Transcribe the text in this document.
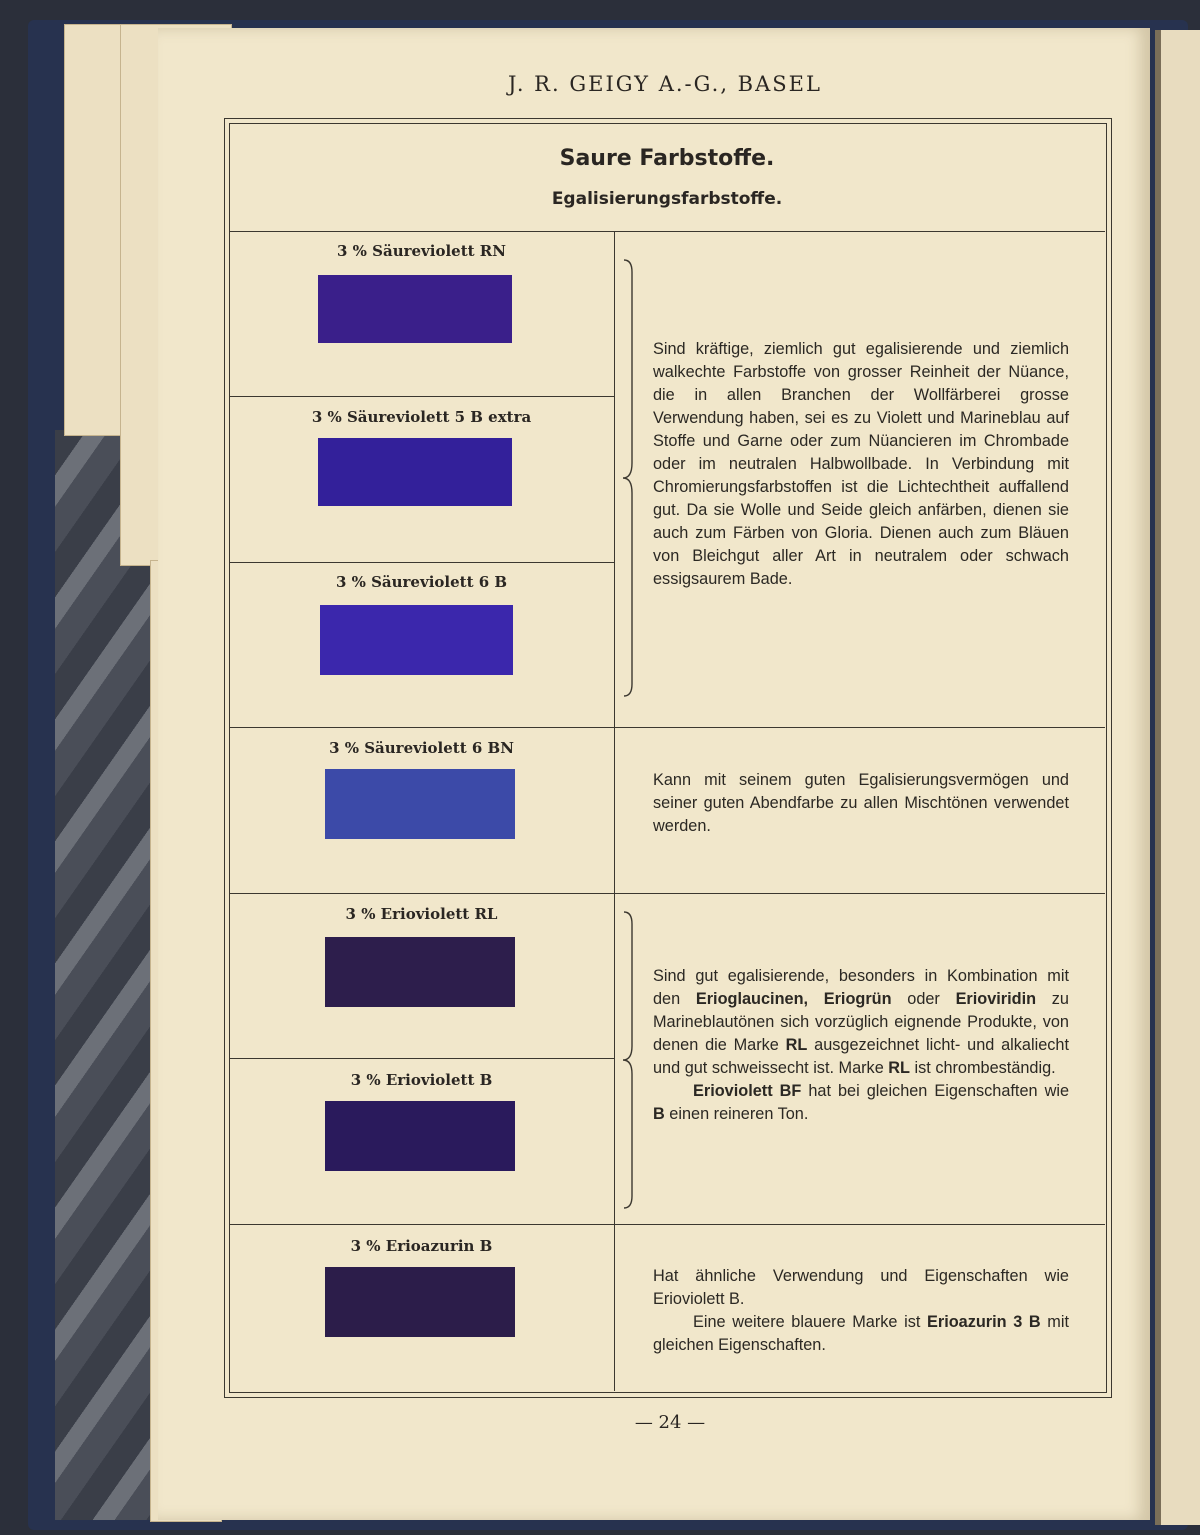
J. R. GEIGY A.-G., BASEL
Saure Farbstoffe.
Egalisierungsfarbstoffe.
3 % Säureviolett RN
3 % Säureviolett 5 B extra
3 % Säureviolett 6 B
3 % Säureviolett 6 BN
3 % Erioviolett RL
3 % Erioviolett B
3 % Erioazurin B

Sind kräftige, ziemlich gut egalisierende und ziemlich walkechte Farbstoffe von grosser Reinheit der Nüance, die in allen Branchen der Wollfärberei grosse Verwendung haben, sei es zu Violett und Marineblau auf Stoffe und Garne oder zum Nüancieren im Chrombade oder im neutralen Halbwollbade. In Verbindung mit Chromierungsfarbstoffen ist die Lichtechtheit auffallend gut. Da sie Wolle und Seide gleich anfärben, dienen sie auch zum Färben von Gloria. Dienen auch zum Bläuen von Bleichgut aller Art in neutralem oder schwach essigsaurem Bade.

Kann mit seinem guten Egalisierungsvermögen und seiner guten Abendfarbe zu allen Mischtönen verwendet werden.

Sind gut egalisierende, besonders in Kombination mit den Erioglaucinen, Eriogrün oder Erioviridin zu Marineblautönen sich vorzüglich eignende Produkte, von denen die Marke RL ausgezeichnet licht- und alkaliecht und gut schweissecht ist. Marke RL ist chrombeständig.

Erioviolett BF hat bei gleichen Eigenschaften wie B einen reineren Ton.

Hat ähnliche Verwendung und Eigenschaften wie Erioviolett B.

Eine weitere blauere Marke ist Erioazurin 3 B mit gleichen Eigenschaften.

— 24 —
